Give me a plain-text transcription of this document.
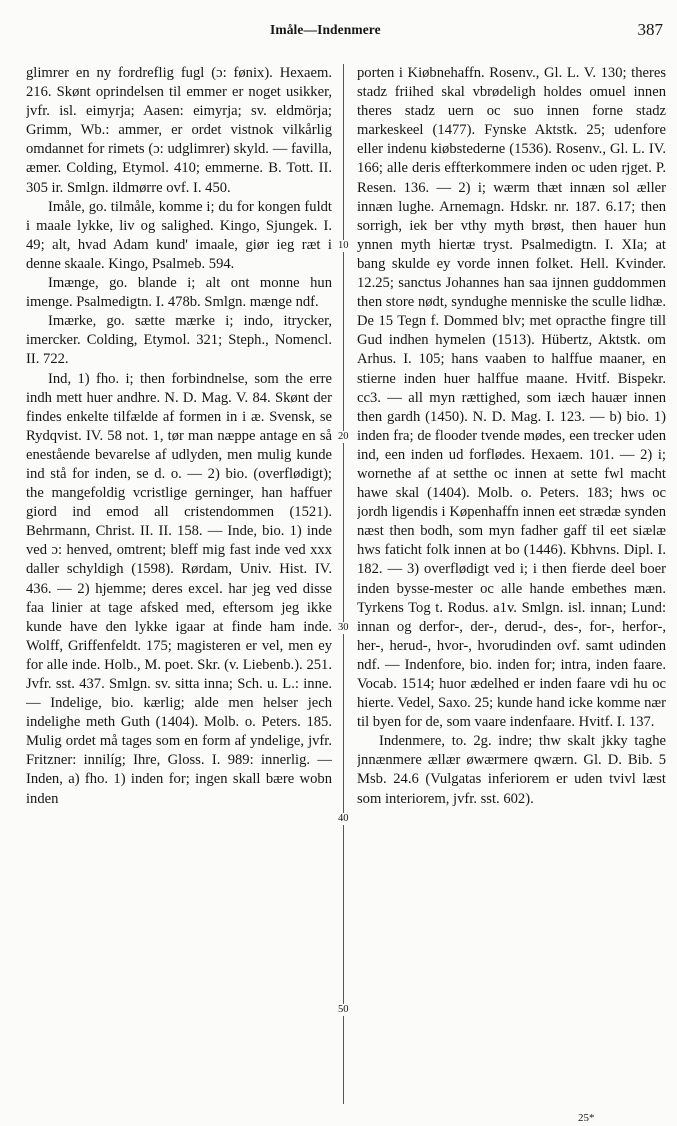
Imåle—Indenmere	387

glimrer en ny fordreflig fugl (ɔ: fønix). Hexaem. 216. Skønt oprindelsen til emmer er noget usikker, jvfr. isl. eimyrja; Aasen: eimyrja; sv. eldmörja; Grimm, Wb.: ammer, er ordet vistnok vilkårlig omdannet for rimets (ɔ: udglimrer) skyld. — favilla, æmer. Colding, Etymol. 410; emmerne. B. Tott. II. 305 ir. Smlgn. ildmørre ovf. I. 450.

Imåle, go. tilmåle, komme i; du for kongen fuldt i maale lykke, liv og salighed. Kingo, Sjungek. I. 49; alt, hvad Adam kund' imaale, giør ieg ræt i denne skaale. Kingo, Psalmeb. 594.

Imænge, go. blande i; alt ont monne hun imenge. Psalmedigtn. I. 478b. Smlgn. mænge ndf.

Imærke, go. sætte mærke i; indo, itrycker, imercker. Colding, Etymol. 321; Steph., Nomencl. II. 722.

Ind, 1) fho. i; then forbindnelse, som the erre indh mett huer andhre. N. D. Mag. V. 84. Skønt der findes enkelte tilfælde af formen in i æ. Svensk, se Rydqvist. IV. 58 not. 1, tør man næppe antage en så enestående bevarelse af udlyden, men mulig kunde ind stå for inden, se d. o. — 2) bio. (overflødigt); the mangefoldig vcristlige gerninger, han haffuer giord ind emod all cristendommen (1521). Behrmann, Christ. II. II. 158. — Inde, bio. 1) inde ved ɔ: henved, omtrent; bleff mig fast inde ved xxx daller schyldigh (1598). Rørdam, Univ. Hist. IV. 436. — 2) hjemme; deres excel. har jeg ved disse faa linier at tage afsked med, eftersom jeg ikke kunde have den lykke igaar at finde ham inde. Wolff, Griffenfeldt. 175; magisteren er vel, men ey for alle inde. Holb., M. poet. Skr. (v. Liebenb.). 251. Jvfr. sst. 437. Smlgn. sv. sitta inna; Sch. u. L.: inne. — Indelige, bio. kærlig; alde men helser jech indelighe meth Guth (1404). Molb. o. Peters. 185. Mulig ordet må tages som en form af yndelige, jvfr. Fritzner: innilíg; Ihre, Gloss. I. 989: innerlig. — Inden, a) fho. 1) inden for; ingen skall bære wobn inden

10
20
30
40
50

porten i Kiøbnehaffn. Rosenv., Gl. L. V. 130; theres stadz friihed skal vbrødeligh holdes omuel innen theres stadz uern oc suo innen forne stadz markeskeel (1477). Fynske Aktstk. 25; udenfore eller indenu kiøbstederne (1536). Rosenv., Gl. L. IV. 166; alle deris effterkommere inden oc uden rjget. P. Resen. 136. — 2) i; wærm thæt innæn sol æller innæn lughe. Arnemagn. Hdskr. nr. 187. 6.17; then sorrigh, iek ber vthy myth brøst, then hauer hun ynnen myth hiertæ tryst. Psalmedigtn. I. XIa; at bang skulde ey vorde innen folket. Hell. Kvinder. 12.25; sanctus Johannes han saa ijnnen guddommen then store nødt, syndughe menniske the sculle lidhæ. De 15 Tegn f. Dommed blv; met opracthe fingre till Gud indhen hymelen (1513). Hübertz, Aktstk. om Arhus. I. 105; hans vaaben to halffue maaner, en stierne inden huer halffue maane. Hvitf. Bispekr. cc3. — all myn rættighed, som iæch hauær innen then gardh (1450). N. D. Mag. I. 123. — b) bio. 1) inden fra; de flooder tvende mødes, een trecker uden ind, een inden ud forflødes. Hexaem. 101. — 2) i; wornethe af at setthe oc innen at sette fwl macht hawe skal (1404). Molb. o. Peters. 183; hws oc jordh ligendis i Køpenhaffn innen eet strædæ synden næst then bodh, som myn fadher gaff til eet siælæ hws faticht folk innen at bo (1446). Kbhvns. Dipl. I. 182. — 3) overflødigt ved i; i then fierde deel boer inden bysse-mester oc alle hande embethes mæn. Tyrkens Tog t. Rodus. a1v. Smlgn. isl. innan; Lund: innan og derfor-, der-, derud-, des-, for-, herfor-, her-, herud-, hvor-, hvorudinden ovf. samt udinden ndf. — Indenfore, bio. inden for; intra, inden faare. Vocab. 1514; huor ædelhed er inden faare vdi hu oc hierte. Vedel, Saxo. 25; kunde hand icke komme nær til byen for de, som vaare indenfaare. Hvitf. I. 137.

Indenmere, to. 2g. indre; thw skalt jkky taghe jnnænmere ællær øwærmere qwærn. Gl. D. Bib. 5 Msb. 24.6 (Vulgatas inferiorem er uden tvivl læst som interiorem, jvfr. sst. 602).

25*
